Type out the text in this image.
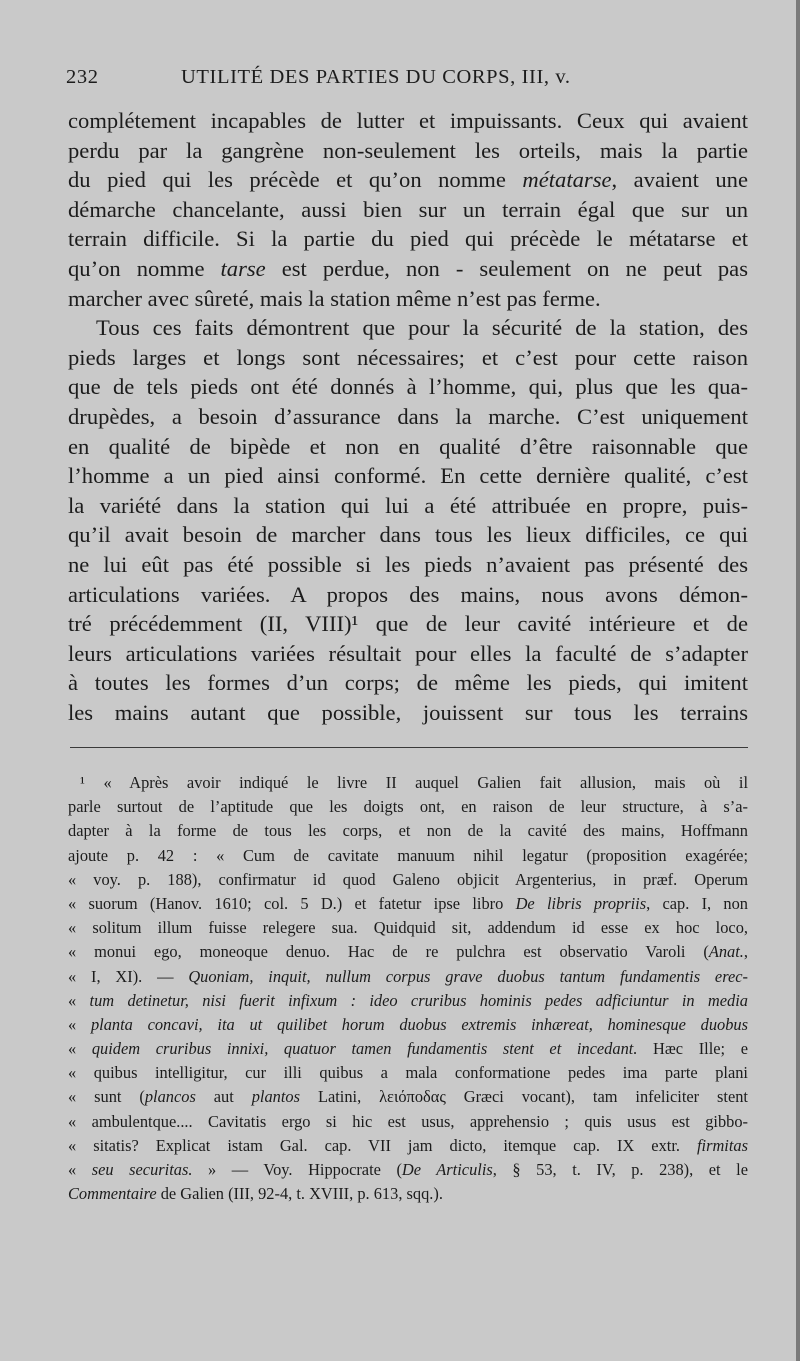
232	UTILITÉ DES PARTIES DU CORPS, III, v.
complétement incapables de lutter et impuissants. Ceux qui avaient
perdu par la gangrène non-seulement les orteils, mais la partie
du pied qui les précède et qu’on nomme métatarse, avaient une
démarche chancelante, aussi bien sur un terrain égal que sur un
terrain difficile. Si la partie du pied qui précède le métatarse et
qu’on nomme tarse est perdue, non - seulement on ne peut pas
marcher avec sûreté, mais la station même n’est pas ferme.
Tous ces faits démontrent que pour la sécurité de la station, des
pieds larges et longs sont nécessaires; et c’est pour cette raison
que de tels pieds ont été donnés à l’homme, qui, plus que les qua-
drupèdes, a besoin d’assurance dans la marche. C’est uniquement
en qualité de bipède et non en qualité d’être raisonnable que
l’homme a un pied ainsi conformé. En cette dernière qualité, c’est
la variété dans la station qui lui a été attribuée en propre, puis-
qu’il avait besoin de marcher dans tous les lieux difficiles, ce qui
ne lui eût pas été possible si les pieds n’avaient pas présenté des
articulations variées. A propos des mains, nous avons démon-
tré précédemment (II, VIII)¹ que de leur cavité intérieure et de
leurs articulations variées résultait pour elles la faculté de s’adapter
à toutes les formes d’un corps; de même les pieds, qui imitent
les mains autant que possible, jouissent sur tous les terrains
¹ « Après avoir indiqué le livre II auquel Galien fait allusion, mais où il
parle surtout de l’aptitude que les doigts ont, en raison de leur structure, à s’a-
dapter à la forme de tous les corps, et non de la cavité des mains, Hoffmann
ajoute p. 42 : « Cum de cavitate manuum nihil legatur (proposition exagérée;
« voy. p. 188), confirmatur id quod Galeno objicit Argenterius, in præf. Operum
« suorum (Hanov. 1610; col. 5 D.) et fatetur ipse libro De libris propriis, cap. I, non
« solitum illum fuisse relegere sua. Quidquid sit, addendum id esse ex hoc loco,
« monui ego, moneoque denuo. Hac de re pulchra est observatio Varoli (Anat.,
« I, XI). — Quoniam, inquit, nullum corpus grave duobus tantum fundamentis erec-
« tum detinetur, nisi fuerit infixum : ideo cruribus hominis pedes adficiuntur in media
« planta concavi, ita ut quilibet horum duobus extremis inhæreat, hominesque duobus
« quidem cruribus innixi, quatuor tamen fundamentis stent et incedant. Hæc Ille; e
« quibus intelligitur, cur illi quibus a mala conformatione pedes ima parte plani
« sunt (plancos aut plantos Latini, λειόποδας Græci vocant), tam infeliciter stent
« ambulentque.... Cavitatis ergo si hic est usus, apprehensio ; quis usus est gibbo-
« sitatis? Explicat istam Gal. cap. VII jam dicto, itemque cap. IX extr. firmitas
« seu securitas. » — Voy. Hippocrate (De Articulis, § 53, t. IV, p. 238), et le
Commentaire de Galien (III, 92-4, t. XVIII, p. 613, sqq.).
